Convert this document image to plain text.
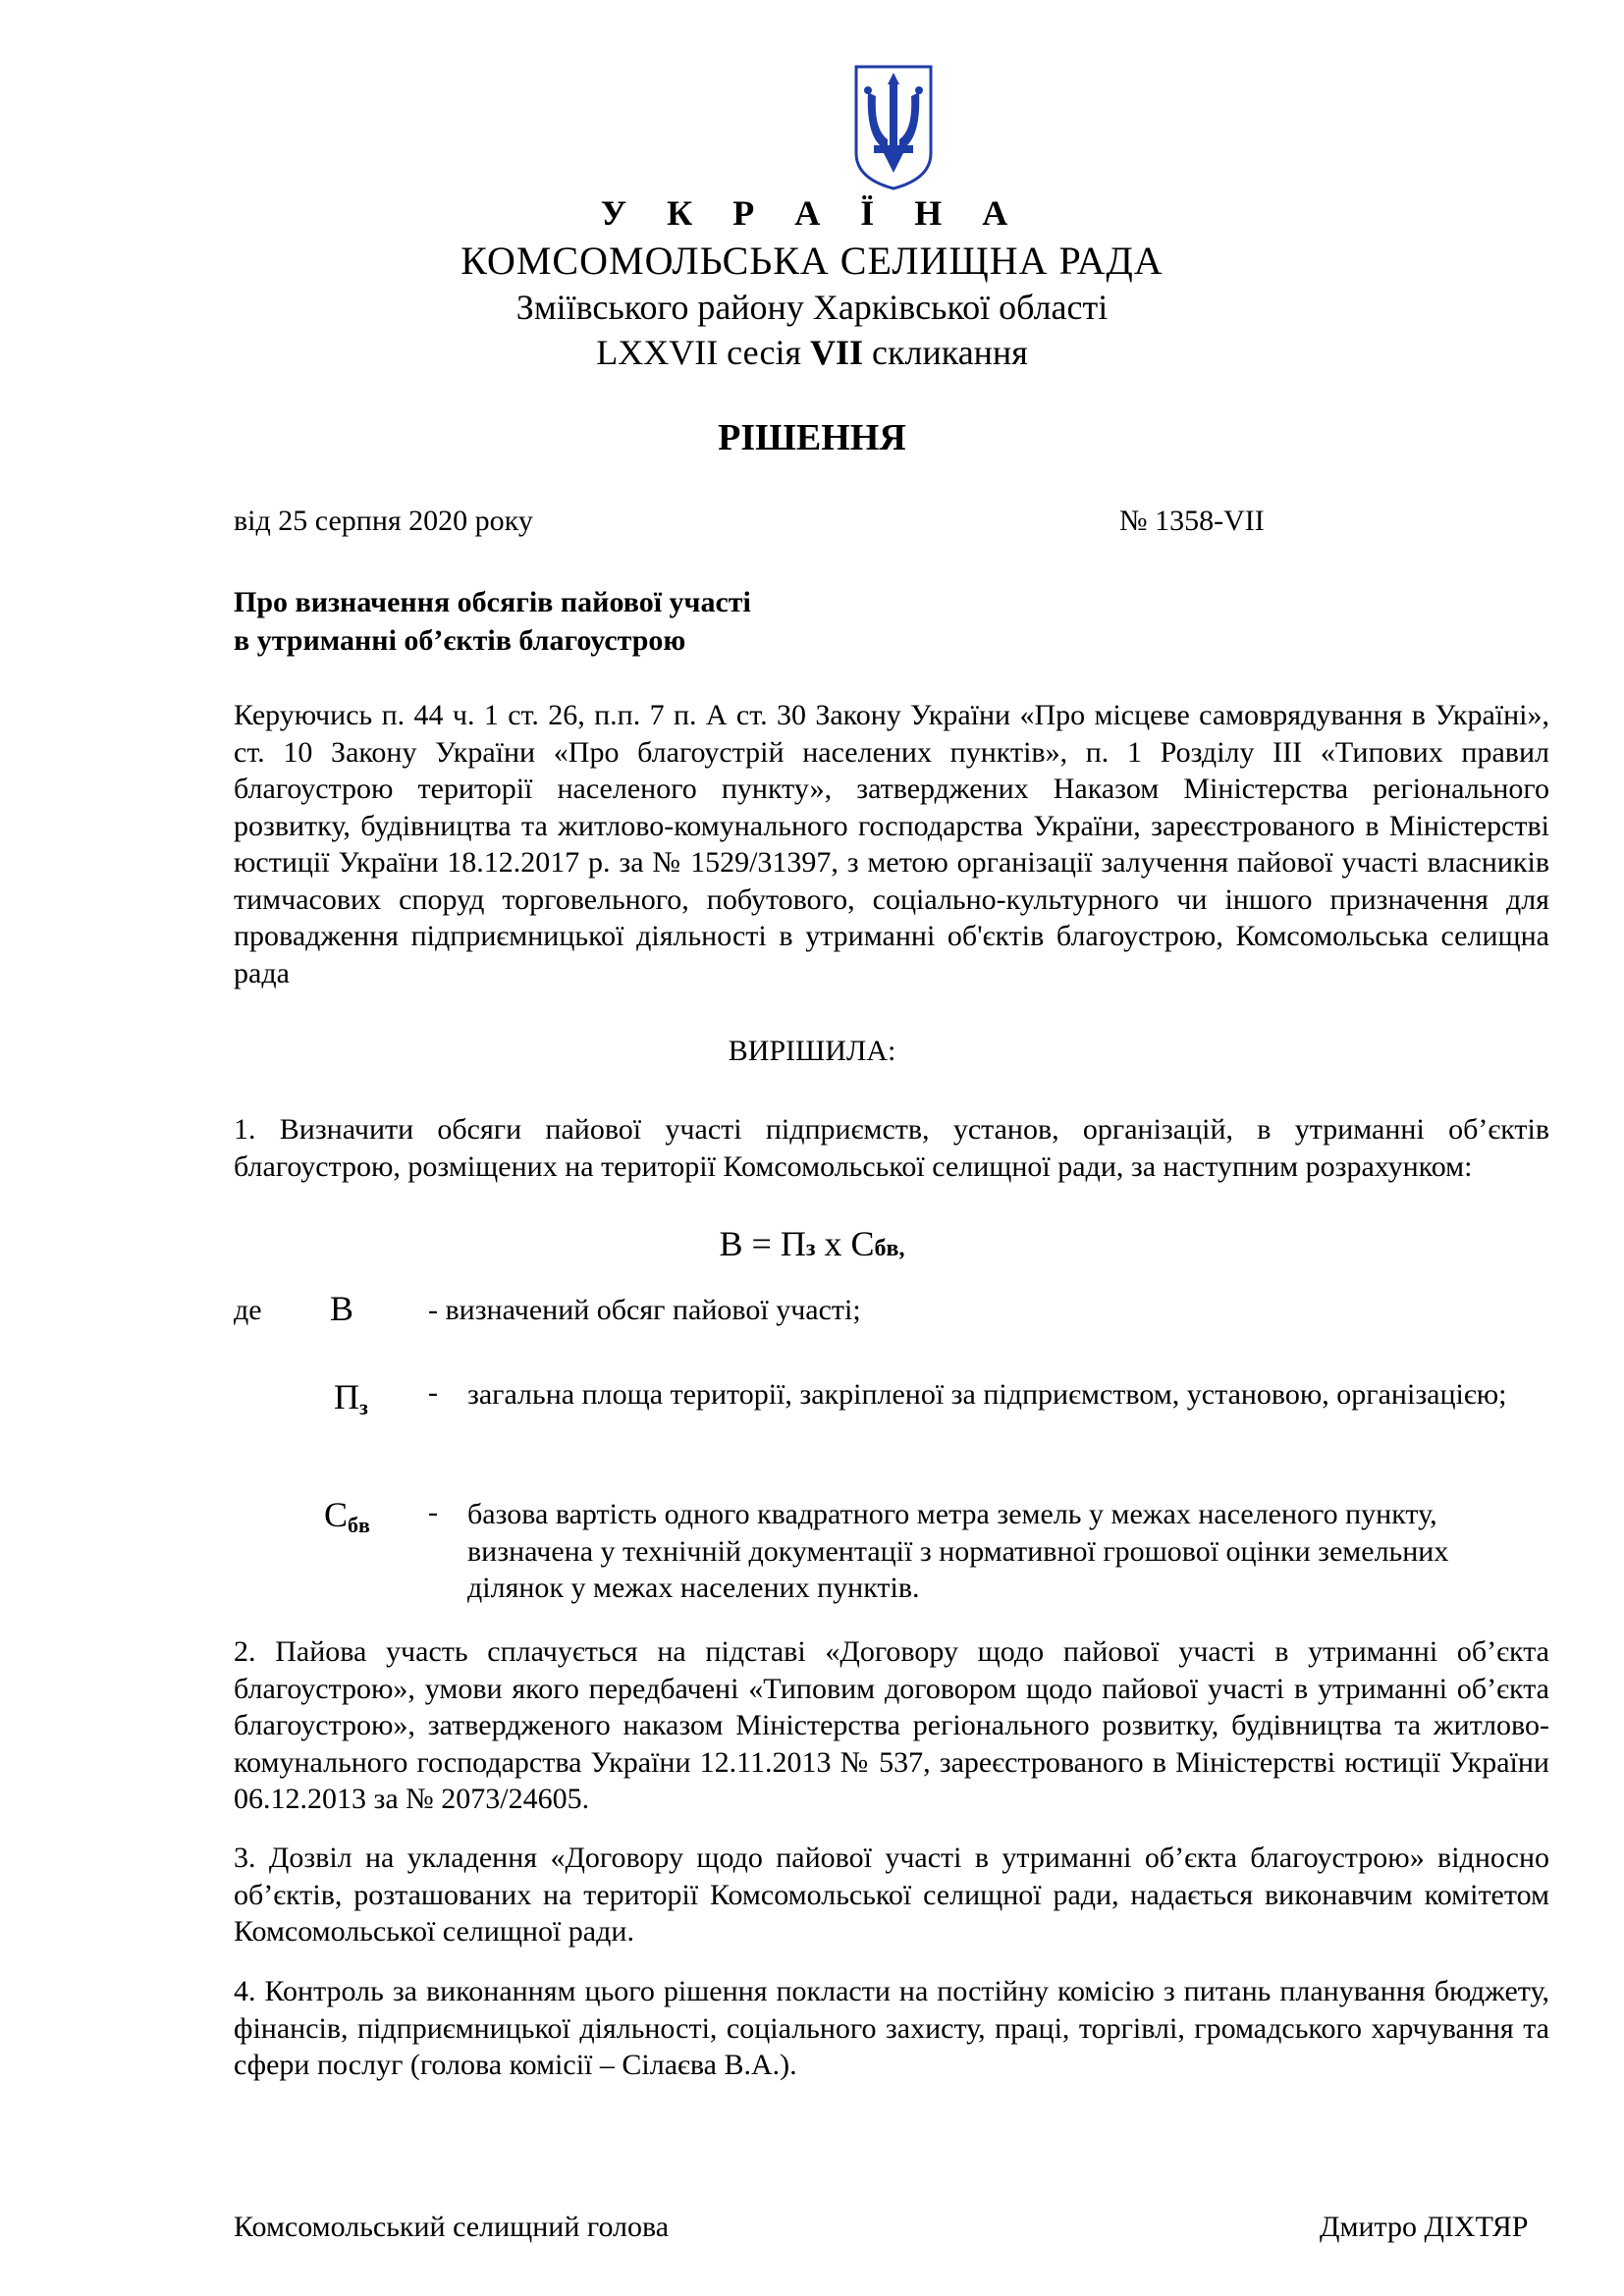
У К Р А Ї Н А
КОМСОМОЛЬСЬКА СЕЛИЩНА РАДА
Зміївського району Харківської області
LXXVII сесія VII скликання
РІШЕННЯ
від 25 серпня 2020 року	№ 1358-VII
Про визначення обсягів пайової участі
в утриманні об’єктів благоустрою
Керуючись п. 44 ч. 1 ст. 26, п.п. 7 п. А ст. 30 Закону України «Про місцеве самоврядування в Україні», ст. 10 Закону України «Про благоустрій населених пунктів», п. 1 Розділу ІІІ «Типових правил благоустрою території населеного пункту», затверджених Наказом Міністерства регіонального розвитку, будівництва та житлово-комунального господарства України, зареєстрованого в Міністерстві юстиції України 18.12.2017 р. за № 1529/31397, з метою організації залучення пайової участі власників тимчасових споруд торговельного, побутового, соціально-культурного чи іншого призначення для провадження підприємницької діяльності в утриманні об'єктів благоустрою, Комсомольська селищна рада
ВИРІШИЛА:
1. Визначити обсяги пайової участі підприємств, установ, організацій, в утриманні об’єктів благоустрою, розміщених на території Комсомольської селищної ради, за наступним розрахунком:
В = Пз х Сбв,
де В	- визначений обсяг пайової участі;
$П_з$ - загальна площа території, закріпленої за підприємством, установою, організацією;
$С_{бв}$ - базова вартість одного квадратного метра земель у межах населеного пункту, визначена у технічній документації з нормативної грошової оцінки земельних ділянок у межах населених пунктів.
2. Пайова участь сплачується на підставі «Договору щодо пайової участі в утриманні об’єкта благоустрою», умови якого передбачені «Типовим договором щодо пайової участі в утриманні об’єкта благоустрою», затвердженого наказом Міністерства регіонального розвитку, будівництва та житлово-комунального господарства України 12.11.2013 № 537, зареєстрованого в Міністерстві юстиції України 06.12.2013 за № 2073/24605.
3. Дозвіл на укладення «Договору щодо пайової участі в утриманні об’єкта благоустрою» відносно об’єктів, розташованих на території Комсомольської селищної ради, надається виконавчим комітетом Комсомольської селищної ради.
4. Контроль за виконанням цього рішення покласти на постійну комісію з питань планування бюджету, фінансів, підприємницької діяльності, соціального захисту, праці, торгівлі, громадського харчування та сфери послуг (голова комісії – Сілаєва В.А.).
Комсомольський селищний голова	Дмитро ДІХТЯР
